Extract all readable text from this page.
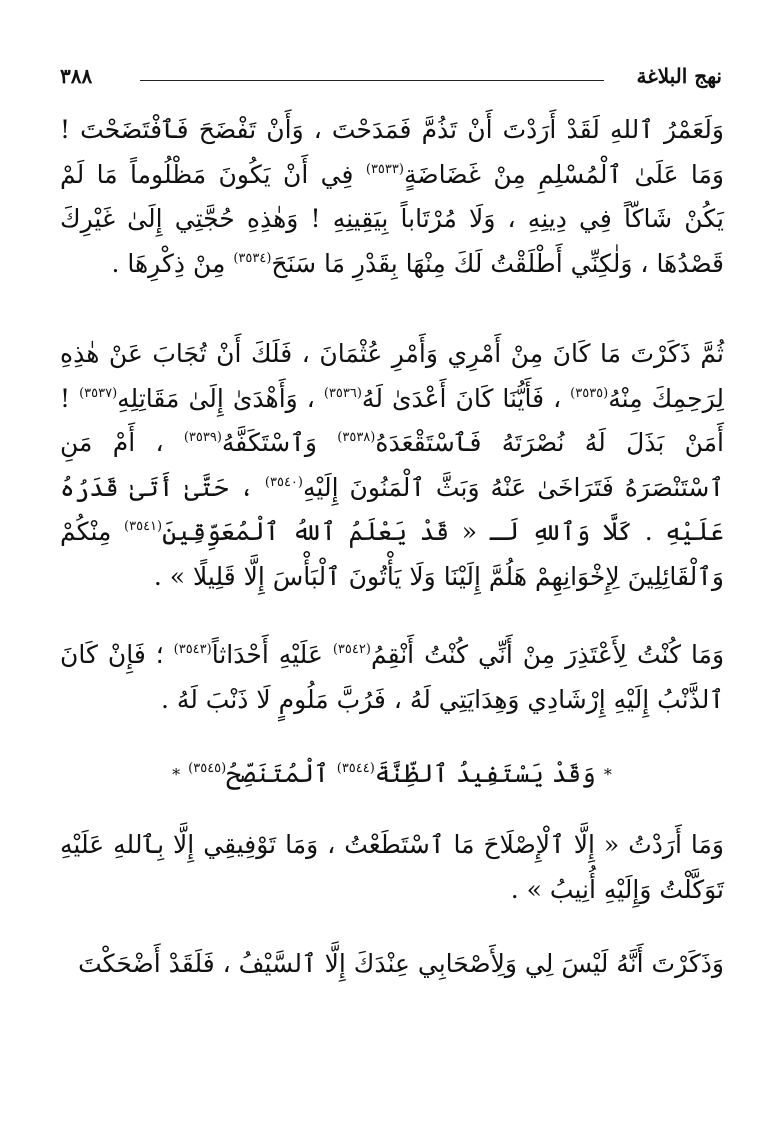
٣٨٨	نهج البلاغة

وَلَعَمْرُ ٱللهِ لَقَدْ أَرَدْتَ أَنْ تَذُمَّ فَمَدَحْتَ ، وَأَنْ تَفْضَحَ فَٱفْتَضَحْتَ ! وَمَا عَلَىٰ ٱلْمُسْلِمِ مِنْ غَضَاضَةٍ$^{(٣٥٣٣)}$ فِي أَنْ يَكُونَ مَظْلُوماً مَا لَمْ يَكُنْ شَاكّاً فِي دِينِهِ ، وَلَا مُرْتَاباً بِيَقِينِهِ ! وَهٰذِهِ حُجَّتِي إِلَىٰ غَيْرِكَ قَصْدُهَا ، وَلٰكِنِّي أَطْلَقْتُ لَكَ مِنْهَا بِقَدْرِ مَا سَنَحَ$^{(٣٥٣٤)}$ مِنْ ذِكْرِهَا .

ثُمَّ ذَكَرْتَ مَا كَانَ مِنْ أَمْرِي وَأَمْرِ عُثْمَانَ ، فَلَكَ أَنْ تُجَابَ عَنْ هٰذِهِ لِرَحِمِكَ مِنْهُ$^{(٣٥٣٥)}$ ، فَأَيُّنَا كَانَ أَعْدَىٰ لَهُ$^{(٣٥٣٦)}$ ، وَأَهْدَىٰ إِلَىٰ مَقَاتِلِهِ$^{(٣٥٣٧)}$ ! أَمَنْ بَذَلَ لَهُ نُصْرَتَهُ فَٱسْتَقْعَدَهُ$^{(٣٥٣٨)}$ وَٱسْتَكَفَّهُ$^{(٣٥٣٩)}$ ، أَمْ مَنِ ٱسْتَنْصَرَهُ فَتَرَاخَىٰ عَنْهُ وَبَثَّ ٱلْمَنُونَ إِلَيْهِ$^{(٣٥٤٠)}$ ، حَتَّىٰ أَتَىٰ قَدَرُهُ عَلَيْهِ . كَلَّا وَٱللهِ لَـ « قَدْ يَعْلَمُ ٱللهُ ٱلْمُعَوِّقِينَ$^{(٣٥٤١)}$ مِنْكُمْ وَٱلْقَائِلِينَ لِإِخْوَانِهِمْ هَلُمَّ إِلَيْنَا وَلَا يَأْتُونَ ٱلْبَأْسَ إِلَّا قَلِيلًا » .

وَمَا كُنْتُ لِأَعْتَذِرَ مِنْ أَنِّي كُنْتُ أَنْقِمُ$^{(٣٥٤٢)}$ عَلَيْهِ أَحْدَاثاً$^{(٣٥٤٣)}$ ؛ فَإِنْ كَانَ ٱلذَّنْبُ إِلَيْهِ إِرْشَادِي وَهِدَايَتِي لَهُ ، فَرُبَّ مَلُومٍ لَا ذَنْبَ لَهُ .

*وَقَدْ يَسْتَفِيدُ ٱلظِّنَّةَ$^{(٣٥٤٤)}$ ٱلْمُتَنَصِّحُ$^{(٣٥٤٥)}$*

وَمَا أَرَدْتُ « إِلَّا ٱلْإِصْلَاحَ مَا ٱسْتَطَعْتُ ، وَمَا تَوْفِيقِي إِلَّا بِٱللهِ عَلَيْهِ تَوَكَّلْتُ وَإِلَيْهِ أُنِيبُ » .

وَذَكَرْتَ أَنَّهُ لَيْسَ لِي وَلِأَصْحَابِي عِنْدَكَ إِلَّا ٱلسَّيْفُ ، فَلَقَدْ أَضْحَكْتَ
